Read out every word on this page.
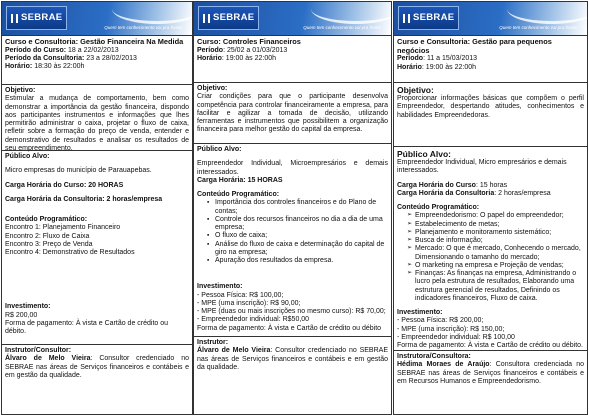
SEBRAE
Quem tem conhecimento vai pra frente
Curso e Consultoria: Gestão Financeira Na Medida
Período do Curso: 18 a 22/02/2013
Período da Consultoria: 23 a 28/02/2013
Horário: 18:30 às 22:00h
Objetivo:
Estimular a mudança de comportamento, bem como demonstrar a importância da gestão financeira, dispondo aos participantes instrumentos e informações que lhes permitirão administrar o caixa, projetar o fluxo de caixa, refletir sobre a formação do preço de venda, entender e demonstrativo de resultados e analisar os resultados de seu empreendimento.
Público Alvo:
Micro empresas do município de Parauapebas.
Carga Horária do Curso: 20 HORAS
Carga Horária da Consultoria: 2 horas/empresa
Conteúdo Programático:
Encontro 1: Planejamento Financeiro
Encontro 2: Fluxo de Caixa
Encontro 3: Preço de Venda
Encontro 4: Demonstrativo de Resultados
Investimento:
R$ 200,00
Forma de pagamento: À vista e Cartão de crédito ou débito.
Instrutor/Consultor:
Álvaro de Melo Vieira: Consultor credenciado no SEBRAE nas áreas de Serviços financeiros e contábeis e em gestão da qualidade.
SEBRAE
Quem tem conhecimento vai pra frente
Curso: Controles Financeiros
Período: 25/02 a 01/03/2013
Horário: 19:00 às 22:00h
Objetivo:
Criar condições para que o participante desenvolva competência para controlar financeiramente a empresa, para facilitar e agilizar a tomada de decisão, utilizando ferramentas e instrumentos que possibilitem a organização financeira para melhor gestão do capital da empresa.
Público Alvo:
Empreendedor Individual, Microempresários e demais interessados.
Carga Horária: 15 HORAS
Conteúdo Programático:
▪ Importância dos controles financeiros e do Plano de contas;
▪ Controle dos recursos financeiros no dia a dia de uma empresa;
▪ O fluxo de caixa;
▪ Análise do fluxo de caixa e determinação do capital de giro na empresa;
▪ Apuração dos resultados da empresa.
Investimento:
- Pessoa Física: R$ 100,00;
- MPE (uma inscrição): R$ 90,00;
- MPE (duas ou mais inscrições no mesmo curso): R$ 70,00;
- Empreendedor individual: R$50,00
Forma de pagamento: À vista e Cartão de crédito ou débito
Instrutor:
Álvaro de Melo Vieira: Consultor credenciado no SEBRAE nas áreas de Serviços financeiros e contábeis e em gestão da qualidade.
SEBRAE
Quem tem conhecimento vai pra frente
Curso e Consultoria: Gestão para pequenos negócios
Período: 11 a 15/03/2013
Horário: 19:00 às 22:00h
Objetivo:
Proporcionar informações básicas que compõem o perfil Empreendedor, despertando atitudes, conhecimentos e habilidades Empreendedoras.
Público Alvo:
Empreendedor Individual, Micro empresários e demais interessados.
Carga Horária do Curso: 15 horas
Carga Horária da Consultoria: 2 horas/empresa
Conteúdo Programático:
➢ Empreendedorismo: O papel do empreendedor;
➢ Estabelecimento de metas;
➢ Planejamento e monitoramento sistemático;
➢ Busca de informação;
➢ Mercado: O que é mercado, Conhecendo o mercado, Dimensionando o tamanho do mercado;
➢ O marketing na empresa e Projeção de vendas;
➢ Finanças: As finanças na empresa, Administrando o lucro pela estrutura de resultados, Elaborando uma estrutura gerencial de resultados, Definindo os indicadores financeiros, Fluxo de caixa.
Investimento:
- Pessoa Física: R$ 200,00;
- MPE (uma inscrição): R$ 150,00;
- Empreendedor individual: R$ 100,00
Forma de pagamento: À vista e Cartão de crédito ou débito.
Instrutora/Consultora:
Hédima Moraes de Araújo: Consultora credenciada no SEBRAE nas áreas de Serviços financeiros e contábeis e em Recursos Humanos e Empreendedorismo.
